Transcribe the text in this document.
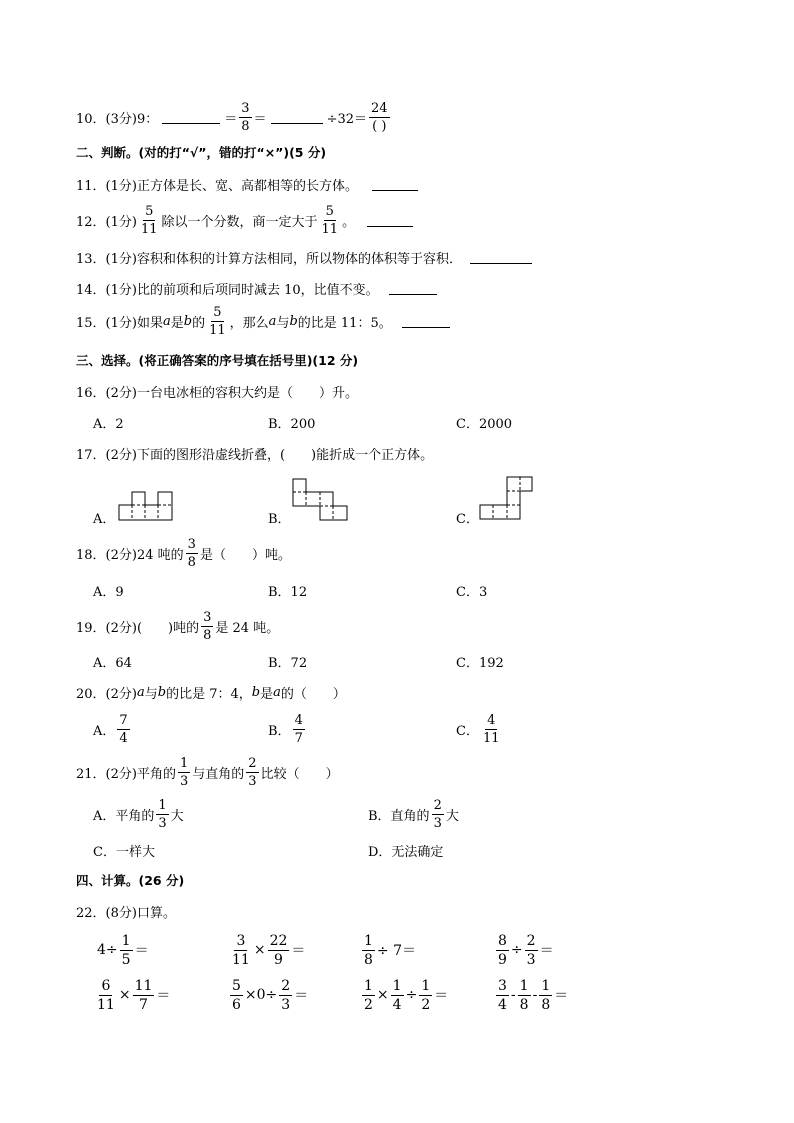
10．(3分) 9：	＝ $\frac{3}{8}$ ＝	$\div 32= \frac{24}{( )}$
二、判断。(对的打“√”，错的打“×”)(5 分)
11．(1分) 正方体是长、宽、高都相等的长方体。
12．(1分) $\frac{5}{11}$ 除以一个分数，商一定大于 $\frac{5}{11}$ 。
13．(1分) 容积和体积的计算方法相同，所以物体的体积等于容积．
14．(1分) 比的前项和后项同时减去 10，比值不变。
15．(1分) 如果 a 是 b 的 $\frac{5}{11}$ ，那么 a 与 b 的比是 11：5。
三、选择。(将正确答案的序号填在括号里)(12 分)
16．(2分) 一台电冰柜的容积大约是（　　）升。
A．2	B．200	C．2000
17．(2分) 下面的图形沿虚线折叠，(　　)能折成一个正方体。
A．	B．	C．
18．(2分) 24 吨的 $\frac{3}{8}$ 是（　　）吨。
A．9	B．12	C．3
19．(2分) (　　)吨的 $\frac{3}{8}$ 是 24 吨。
A．64	B．72	C．192
20．(2分) a 与 b 的比是 7：4， b 是 a 的（　　）
A． $\frac{7}{4}$	B． $\frac{4}{7}$	C． $\frac{4}{11}$
21．(2分) 平角的 $\frac{1}{3}$ 与直角的 $\frac{2}{3}$ 比较（　　）
A．平角的 $\frac{1}{3}$ 大	B．直角的 $\frac{2}{3}$ 大
C．一样大	D．无法确定
四、计算。(26 分)
22．(8分) 口算。
$4\div \frac{1}{5}$ ＝	$\frac{3}{11} \times \frac{22}{9}$ ＝	$\frac{1}{8} \div 7=$	$\frac{8}{9} \div \frac{2}{3}$ ＝
$\frac{6}{11} \times \frac{11}{7}$ ＝	$\frac{5}{6} \times 0\div \frac{2}{3}$ ＝	$\frac{1}{2} \times \frac{1}{4} \div \frac{1}{2}$ ＝	$\frac{3}{4} - \frac{1}{8} - \frac{1}{8}$ ＝
